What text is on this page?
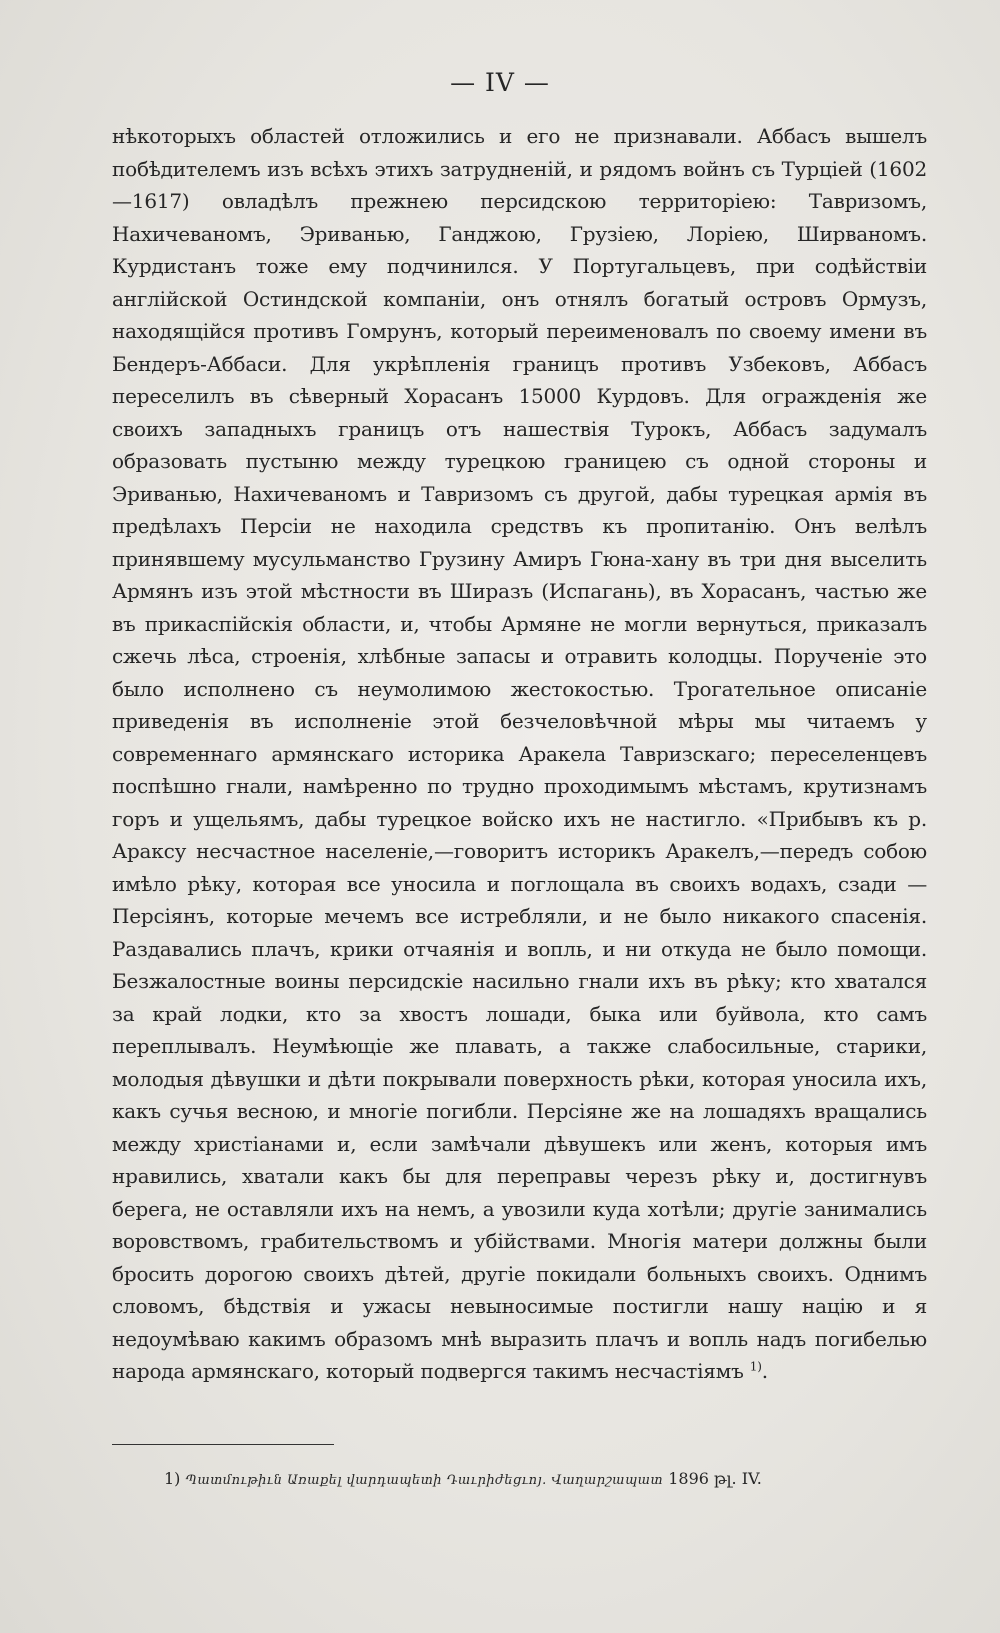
— IV —

нѣкоторыхъ областей отложились и его не признавали. Аббасъ вышелъ побѣдителемъ изъ всѣхъ этихъ затрудненій, и рядомъ войнъ съ Турціей (1602—1617) овладѣлъ прежнею персидскою территоріею: Тавризомъ, Нахичеваномъ, Эриванью, Ганджою, Грузіею, Лоріею, Ширваномъ. Курдистанъ тоже ему подчинился. У Португальцевъ, при содѣйствіи англійской Остиндской компаніи, онъ отнялъ богатый островъ Ормузъ, находящійся противъ Гомрунъ, который переименовалъ по своему имени въ Бендеръ-Аббаси. Для укрѣпленія границъ противъ Узбековъ, Аббасъ переселилъ въ сѣверный Хорасанъ 15000 Курдовъ. Для огражденія же своихъ западныхъ границъ отъ нашествія Турокъ, Аббасъ задумалъ образовать пустыню между турецкою границею съ одной стороны и Эриванью, Нахичеваномъ и Тавризомъ съ другой, дабы турецкая армія въ предѣлахъ Персіи не находила средствъ къ пропитанію. Онъ велѣлъ принявшему мусульманство Грузину Амиръ Гюна-хану въ три дня выселить Армянъ изъ этой мѣстности въ Ширазъ (Испагань), въ Хорасанъ, частью же въ прикаспійскія области, и, чтобы Армяне не могли вернуться, приказалъ сжечь лѣса, строенія, хлѣбные запасы и отравить колодцы. Порученіе это было исполнено съ неумолимою жестокостью. Трогательное описаніе приведенія въ исполненіе этой безчеловѣчной мѣры мы читаемъ у современнаго армянскаго историка Аракела Тавризскаго; переселенцевъ поспѣшно гнали, намѣренно по трудно проходимымъ мѣстамъ, крутизнамъ горъ и ущельямъ, дабы турецкое войско ихъ не настигло. «Прибывъ къ р. Араксу несчастное населеніе,—говоритъ историкъ Аракелъ,—передъ собою имѣло рѣку, которая все уносила и поглощала въ своихъ водахъ, сзади — Персіянъ, которые мечемъ все истребляли, и не было никакого спасенія. Раздавались плачъ, крики отчаянія и вопль, и ни откуда не было помощи. Безжалостные воины персидскіе насильно гнали ихъ въ рѣку; кто хватался за край лодки, кто за хвостъ лошади, быка или буйвола, кто самъ переплывалъ. Неумѣющіе же плавать, а также слабосильные, старики, молодыя дѣвушки и дѣти покрывали поверхность рѣки, которая уносила ихъ, какъ сучья весною, и многіе погибли. Персіяне же на лошадяхъ вращались между христіанами и, если замѣчали дѣвушекъ или женъ, которыя имъ нравились, хватали какъ бы для переправы черезъ рѣку и, достигнувъ берега, не оставляли ихъ на немъ, а увозили куда хотѣли; другіе занимались воровствомъ, грабительствомъ и убійствами. Многія матери должны были бросить дорогою своихъ дѣтей, другіе покидали больныхъ своихъ. Однимъ словомъ, бѣдствія и ужасы невыносимые постигли нашу націю и я недоумѣваю какимъ образомъ мнѣ выразить плачъ и вопль надъ погибелью народа армянскаго, который подвергся такимъ несчастіямъ $^{1)}$.

1) Պատմութիւն Առաքել վարդապետի Դաւրիժեցւոյ. Վաղարշապատ 1896 թլ. IV.
